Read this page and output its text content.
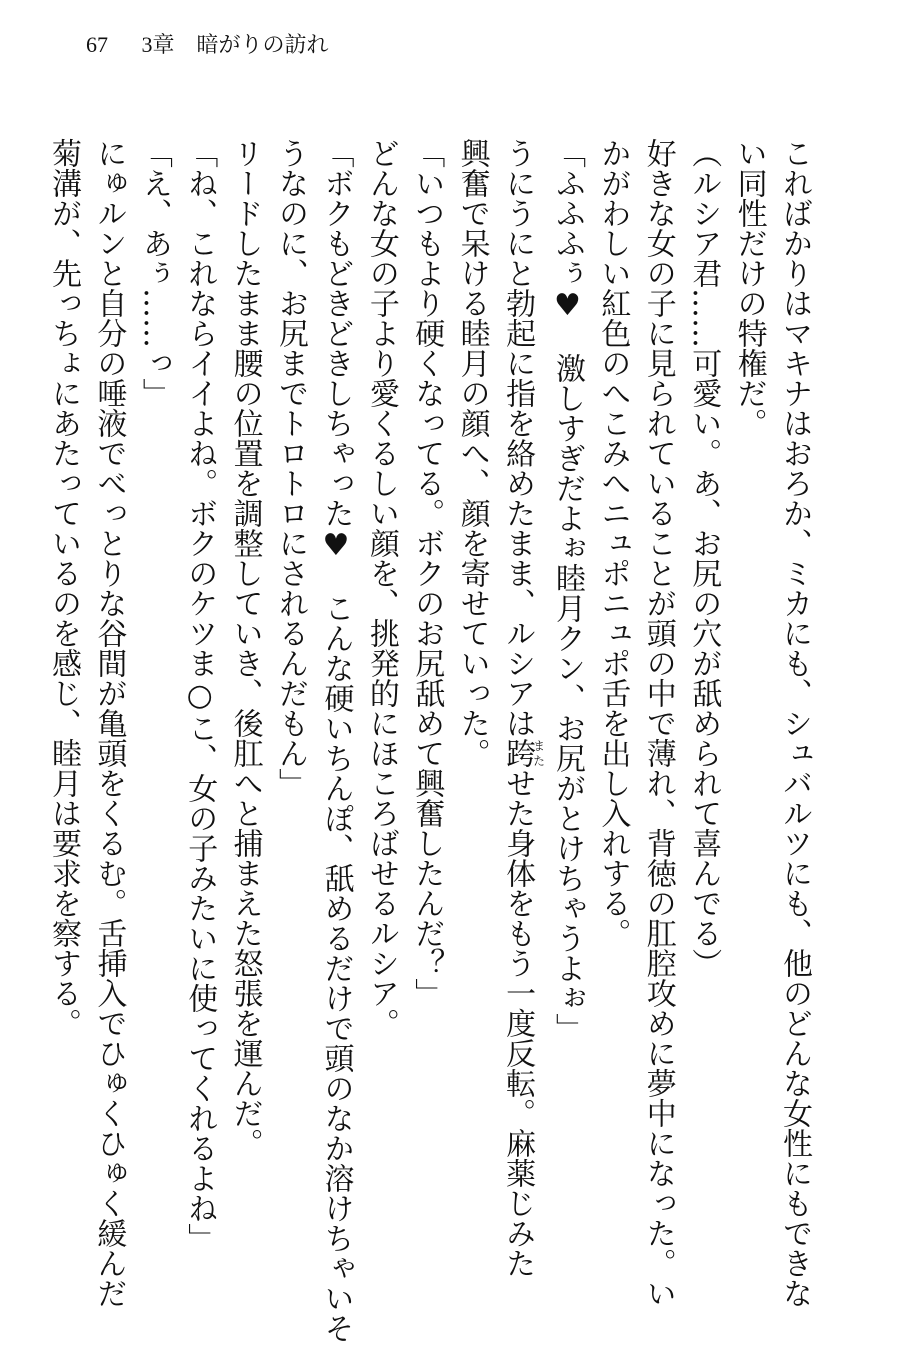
67 3章　暗がりの訪れ
こればかりはマキナはおろか、ミカにも、シュバルツにも、他のどんな女性にもできな
い同性だけの特権だ。
（ルシア君……可愛い。あ、お尻の穴が舐められて喜んでる）
好きな女の子に見られていることが頭の中で薄れ、背徳の肛腔攻めに夢中になった。い
かがわしい紅色のへこみへニュポニュポ舌を出し入れする。
「ふふふぅ♥　激しすぎだよぉ睦月クン、お尻がとけちゃうよぉ」
うにうにと勃起に指を絡めたまま、ルシアは跨またせた身体をもう一度反転。麻薬じみた
興奮で呆ける睦月の顔へ、顔を寄せていった。
「いつもより硬くなってる。ボクのお尻舐めて興奮したんだ？」
どんな女の子より愛くるしい顔を、挑発的にほころばせるルシア。
「ボクもどきどきしちゃった♥　こんな硬いちんぽ、舐めるだけで頭のなか溶けちゃいそ
うなのに、お尻までトロトロにされるんだもん」
リードしたまま腰の位置を調整していき、後肛へと捕まえた怒張を運んだ。
「ね、これならイイよね。ボクのケツま○こ、女の子みたいに使ってくれるよね」
「え、あぅ……っ」
にゅルンと自分の唾液でべっとりな谷間が亀頭をくるむ。舌挿入でひゅくひゅく緩んだ
菊溝が、先っちょにあたっているのを感じ、睦月は要求を察する。
